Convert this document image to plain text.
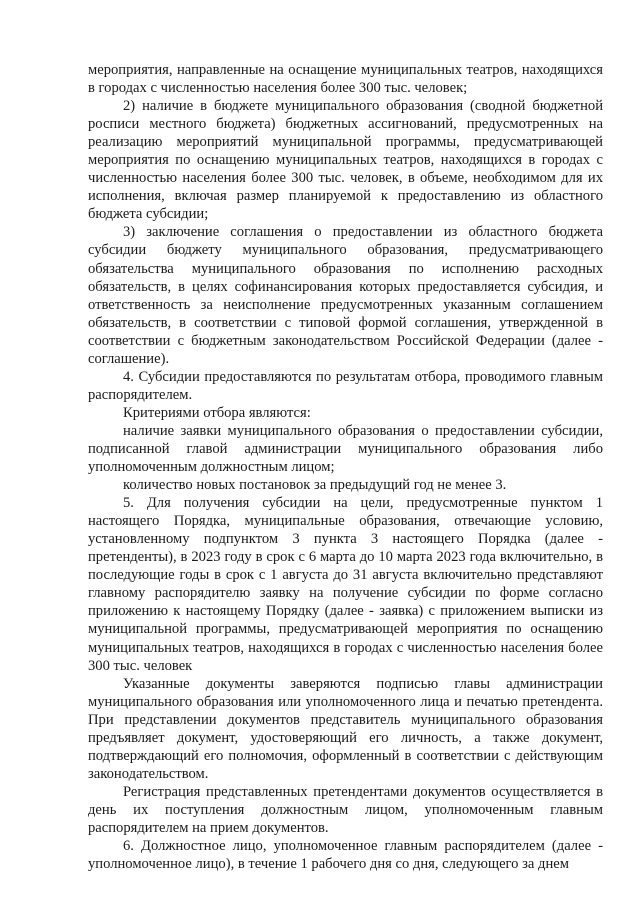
мероприятия, направленные на оснащение муниципальных театров, находящихся в городах с численностью населения более 300 тыс. человек;

2) наличие в бюджете муниципального образования (сводной бюджетной росписи местного бюджета) бюджетных ассигнований, предусмотренных на реализацию мероприятий муниципальной программы, предусматривающей мероприятия по оснащению муниципальных театров, находящихся в городах с численностью населения более 300 тыс. человек, в объеме, необходимом для их исполнения, включая размер планируемой к предоставлению из областного бюджета субсидии;

3) заключение соглашения о предоставлении из областного бюджета субсидии бюджету муниципального образования, предусматривающего обязательства муниципального образования по исполнению расходных обязательств, в целях софинансирования которых предоставляется субсидия, и ответственность за неисполнение предусмотренных указанным соглашением обязательств, в соответствии с типовой формой соглашения, утвержденной в соответствии с бюджетным законодательством Российской Федерации (далее - соглашение).

4. Субсидии предоставляются по результатам отбора, проводимого главным распорядителем.

Критериями отбора являются:

наличие заявки муниципального образования о предоставлении субсидии, подписанной главой администрации муниципального образования либо уполномоченным должностным лицом;

количество новых постановок за предыдущий год не менее 3.

5. Для получения субсидии на цели, предусмотренные пунктом 1 настоящего Порядка, муниципальные образования, отвечающие условию, установленному подпунктом 3 пункта 3 настоящего Порядка (далее - претенденты), в 2023 году в срок с 6 марта до 10 марта 2023 года включительно, в последующие годы в срок с 1 августа до 31 августа включительно представляют главному распорядителю заявку на получение субсидии по форме согласно приложению к настоящему Порядку (далее - заявка) с приложением выписки из муниципальной программы, предусматривающей мероприятия по оснащению муниципальных театров, находящихся в городах с численностью населения более 300 тыс. человек

Указанные документы заверяются подписью главы администрации муниципального образования или уполномоченного лица и печатью претендента. При представлении документов представитель муниципального образования предъявляет документ, удостоверяющий его личность, а также документ, подтверждающий его полномочия, оформленный в соответствии с действующим законодательством.

Регистрация представленных претендентами документов осуществляется в день их поступления должностным лицом, уполномоченным главным распорядителем на прием документов.

6. Должностное лицо, уполномоченное главным распорядителем (далее - уполномоченное лицо), в течение 1 рабочего дня со дня, следующего за днем
